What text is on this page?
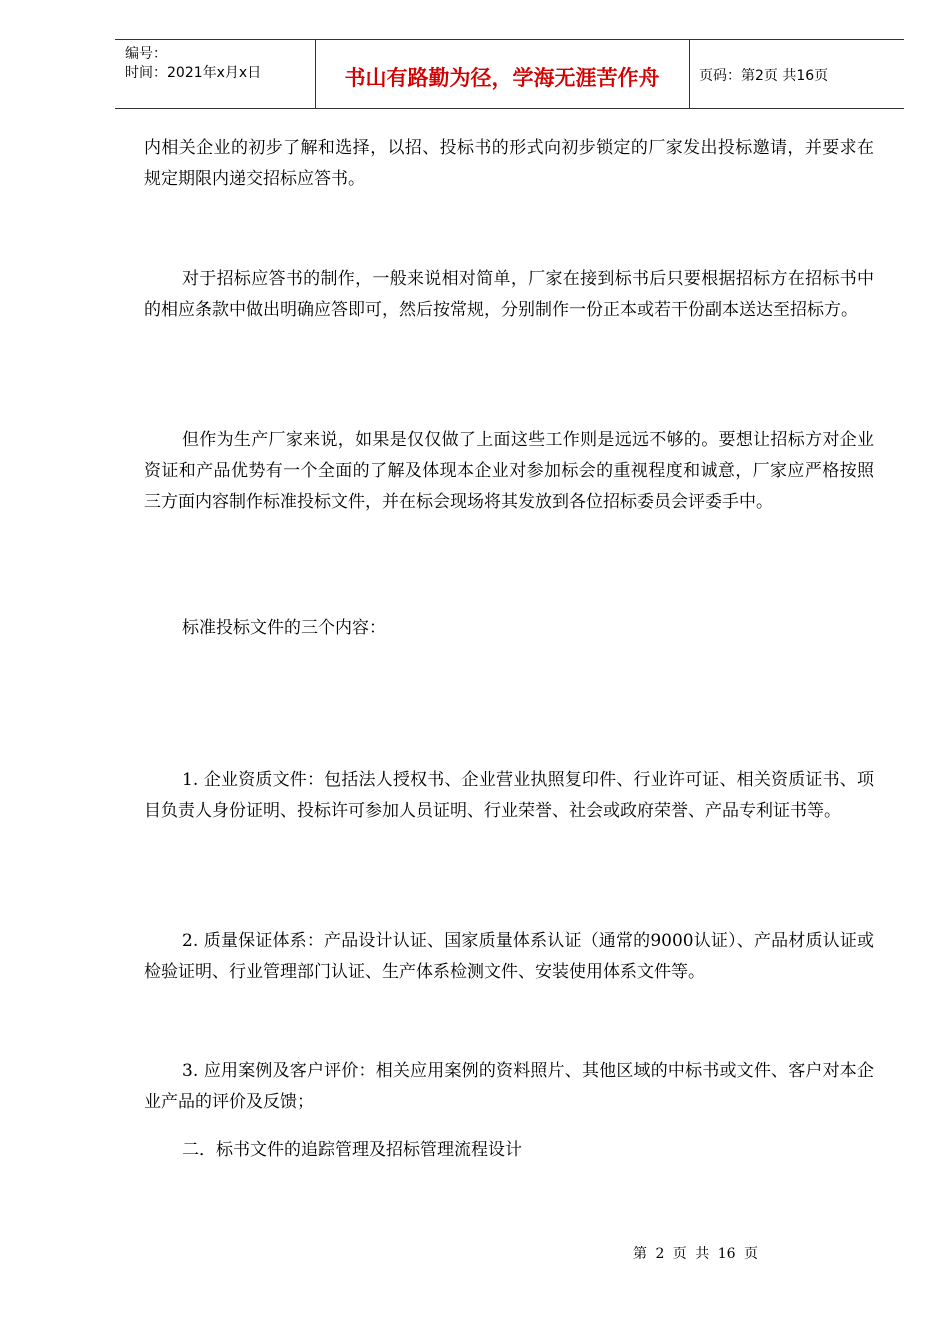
编号：
时间：2021年x月x日	书山有路勤为径，学海无涯苦作舟	页码：第2页 共16页

内相关企业的初步了解和选择，以招、投标书的形式向初步锁定的厂家发出投标邀请，并要求在规定期限内递交招标应答书。

对于招标应答书的制作，一般来说相对简单，厂家在接到标书后只要根据招标方在招标书中的相应条款中做出明确应答即可，然后按常规，分别制作一份正本或若干份副本送达至招标方。

但作为生产厂家来说，如果是仅仅做了上面这些工作则是远远不够的。要想让招标方对企业资证和产品优势有一个全面的了解及体现本企业对参加标会的重视程度和诚意，厂家应严格按照三方面内容制作标准投标文件，并在标会现场将其发放到各位招标委员会评委手中。

标准投标文件的三个内容：

1. 企业资质文件：包括法人授权书、企业营业执照复印件、行业许可证、相关资质证书、项目负责人身份证明、投标许可参加人员证明、行业荣誉、社会或政府荣誉、产品专利证书等。

2. 质量保证体系：产品设计认证、国家质量体系认证（通常的9000认证）、产品材质认证或检验证明、行业管理部门认证、生产体系检测文件、安装使用体系文件等。

3. 应用案例及客户评价：相关应用案例的资料照片、其他区域的中标书或文件、客户对本企业产品的评价及反馈；

二．标书文件的追踪管理及招标管理流程设计

第 2 页 共 16 页
